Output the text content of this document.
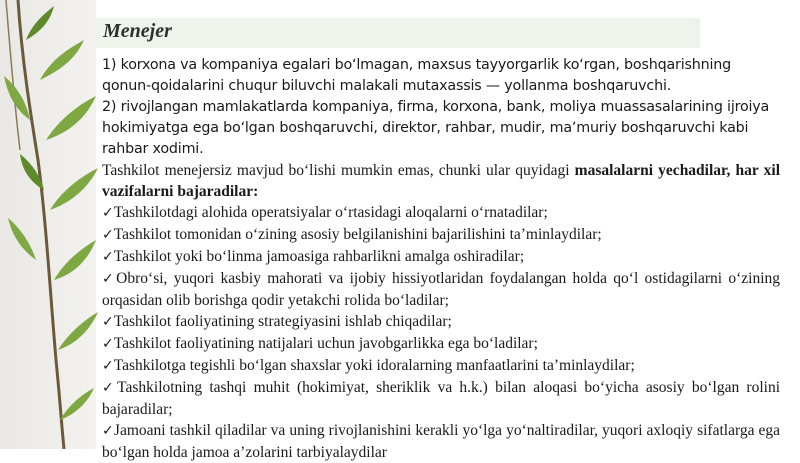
Menejer

1) korxona va kompaniya egalari boʻlmagan, maxsus tayyorgarlik koʻrgan, boshqarishning qonun-qoidalarini chuqur biluvchi malakali mutaxassis — yollanma boshqaruvchi.

2) rivojlangan mamlakatlarda kompaniya, firma, korxona, bank, moliya muassasalarining ijroiya hokimiyatga ega boʻlgan boshqaruvchi, direktor, rahbar, mudir, maʼmuriy boshqaruvchi kabi rahbar xodimi.

Tashkilot menejersiz mavjud bo‘lishi mumkin emas, chunki ular quyidagi masalalarni yechadilar, har xil vazifalarni bajaradilar:

✓Tashkilotdagi alohida operatsiyalar o‘rtasidagi aloqalarni o‘rnatadilar;

✓Tashkilot tomonidan o‘zining asosiy belgilanishini bajarilishini ta’minlaydilar;

✓Tashkilot yoki bo‘linma jamoasiga rahbarlikni amalga oshiradilar;

✓Obro‘si, yuqori kasbiy mahorati va ijobiy hissiyotlaridan foydalangan holda qo‘l ostidagilarni o‘zining orqasidan olib borishga qodir yetakchi rolida bo‘ladilar;

✓Tashkilot faoliyatining strategiyasini ishlab chiqadilar;

✓Tashkilot faoliyatining natijalari uchun javobgarlikka ega bo‘ladilar;

✓Tashkilotga tegishli bo‘lgan shaxslar yoki idoralarning manfaatlarini ta’minlaydilar;

✓Tashkilotning tashqi muhit (hokimiyat, sheriklik va h.k.) bilan aloqasi bo‘yicha asosiy bo‘lgan rolini bajaradilar;

✓Jamoani tashkil qiladilar va uning rivojlanishini kerakli yo‘lga yo‘naltiradilar, yuqori axloqiy sifatlarga ega bo‘lgan holda jamoa a’zolarini tarbiyalaydilar
